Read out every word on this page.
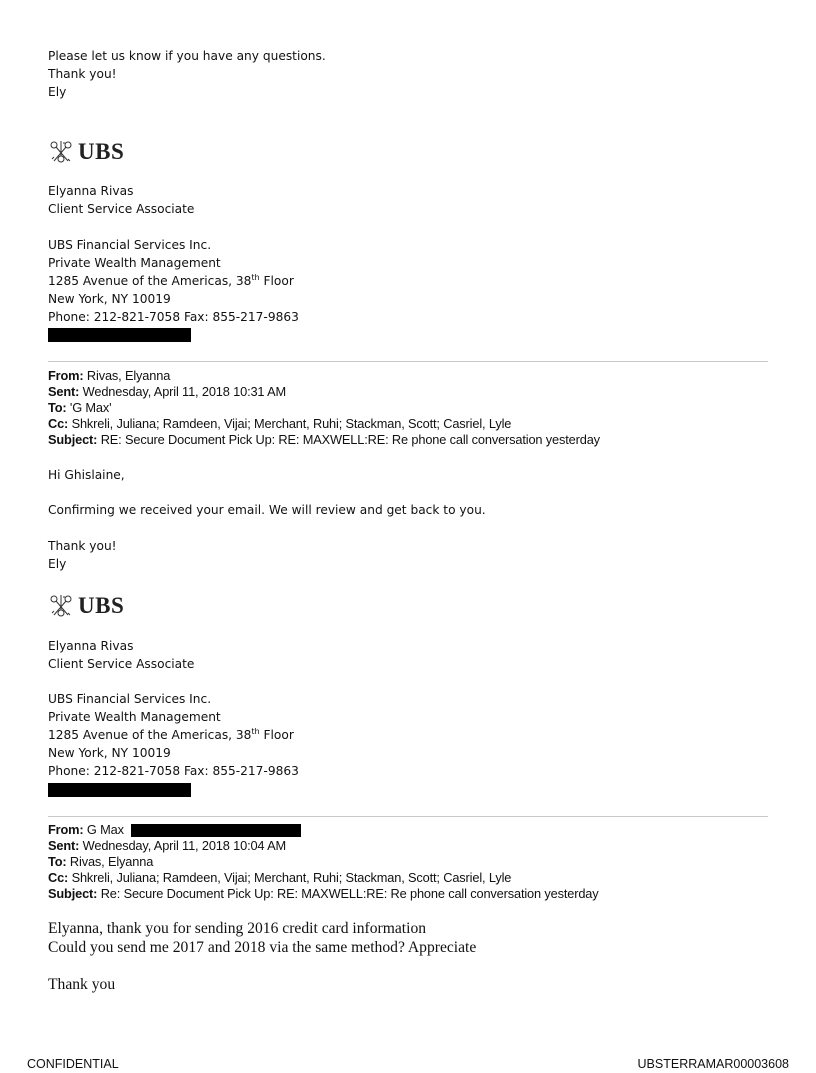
Please let us know if you have any questions.
Thank you!
Ely
UBS
Elyanna Rivas
Client Service Associate
UBS Financial Services Inc.
Private Wealth Management
1285 Avenue of the Americas, 38th Floor
New York, NY 10019
Phone: 212-821-7058 Fax: 855-217-9863
From: Rivas, Elyanna
Sent: Wednesday, April 11, 2018 10:31 AM
To: 'G Max'
Cc: Shkreli, Juliana; Ramdeen, Vijai; Merchant, Ruhi; Stackman, Scott; Casriel, Lyle
Subject: RE: Secure Document Pick Up: RE: MAXWELL:RE: Re phone call conversation yesterday
Hi Ghislaine,
Confirming we received your email. We will review and get back to you.
Thank you!
Ely
UBS
Elyanna Rivas
Client Service Associate
UBS Financial Services Inc.
Private Wealth Management
1285 Avenue of the Americas, 38th Floor
New York, NY 10019
Phone: 212-821-7058 Fax: 855-217-9863
From: G Max
Sent: Wednesday, April 11, 2018 10:04 AM
To: Rivas, Elyanna
Cc: Shkreli, Juliana; Ramdeen, Vijai; Merchant, Ruhi; Stackman, Scott; Casriel, Lyle
Subject: Re: Secure Document Pick Up: RE: MAXWELL:RE: Re phone call conversation yesterday
Elyanna, thank you for sending 2016 credit card information
Could you send me 2017 and 2018 via the same method? Appreciate
Thank you
CONFIDENTIAL	UBSTERRAMAR00003608
